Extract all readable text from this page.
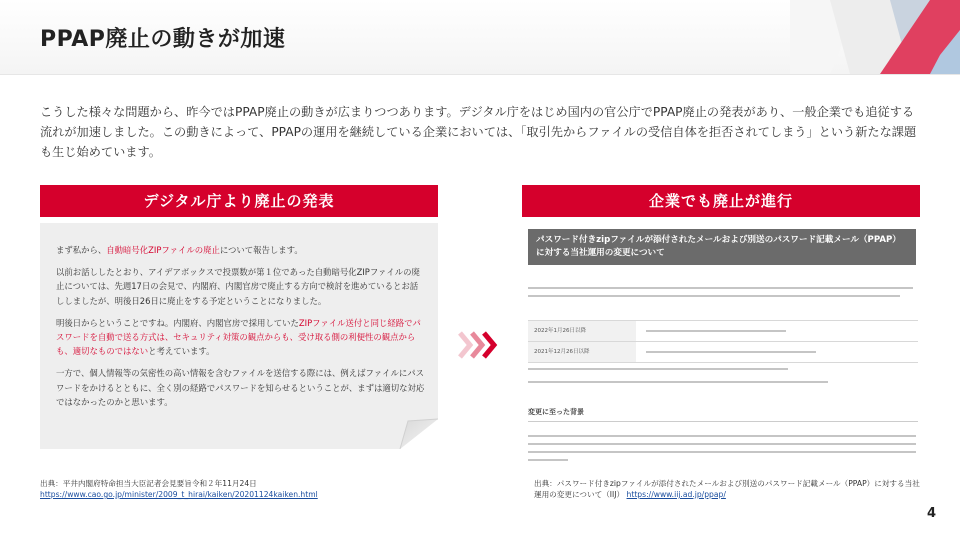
PPAP廃止の動きが加速
こうした様々な問題から、昨今ではPPAP廃止の動きが広まりつつあります。デジタル庁をはじめ国内の官公庁でPPAP廃止の発表があり、一般企業でも追従する流れが加速しました。この動きによって、PPAPの運用を継続している企業においては、「取引先からファイルの受信自体を拒否されてしまう」という新たな課題も生じ始めています。
デジタル庁より廃止の発表

まず私から、自動暗号化ZIPファイルの廃止について報告します。

以前お話ししたとおり、アイデアボックスで投票数が第１位であった自動暗号化ZIPファイルの廃止については、先週17日の会見で、内閣府、内閣官房で廃止する方向で検討を進めているとお話ししましたが、明後日26日に廃止をする予定ということになりました。

明後日からということですね。内閣府、内閣官房で採用していたZIPファイル送付と同じ経路でパスワードを自動で送る方式は、セキュリティ対策の観点からも、受け取る側の利便性の観点からも、適切なものではないと考えています。

一方で、個人情報等の気密性の高い情報を含むファイルを送信する際には、例えばファイルにパスワードをかけるとともに、全く別の経路でパスワードを知らせるということが、まずは適切な対応ではなかったのかと思います。

出典：平井内閣府特命担当大臣記者会見要旨令和２年11月24日
https://www.cao.go.jp/minister/2009_t_hirai/kaiken/20201124kaiken.html
企業でも廃止が進行
パスワード付きzipファイルが添付されたメールおよび別送のパスワード記載メール（PPAP）に対する当社運用の変更について
2022年1月26日以降
2021年12月26日以降
変更に至った背景
出典：パスワード付きzipファイルが添付されたメールおよび別送のパスワード記載メール（PPAP）に対する当社運用の変更について（IIJ） https://www.iij.ad.jp/ppap/
4
